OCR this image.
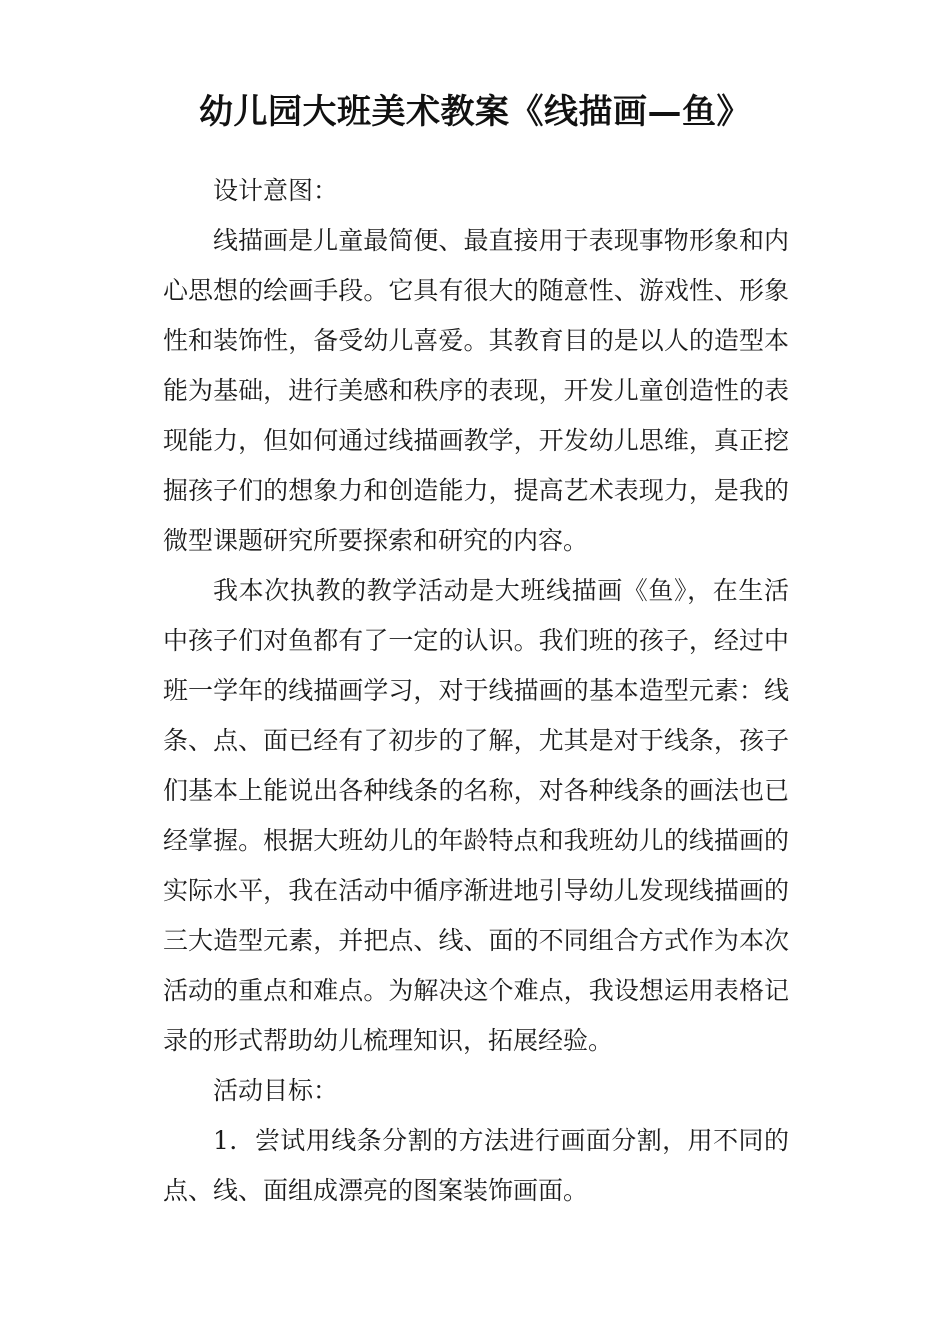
幼儿园大班美术教案《线描画—鱼》

设计意图：

线描画是儿童最简便、最直接用于表现事物形象和内心思想的绘画手段。它具有很大的随意性、游戏性、形象性和装饰性，备受幼儿喜爱。其教育目的是以人的造型本能为基础，进行美感和秩序的表现，开发儿童创造性的表现能力，但如何通过线描画教学，开发幼儿思维，真正挖掘孩子们的想象力和创造能力，提高艺术表现力，是我的微型课题研究所要探索和研究的内容。

我本次执教的教学活动是大班线描画《鱼》，在生活中孩子们对鱼都有了一定的认识。我们班的孩子，经过中班一学年的线描画学习，对于线描画的基本造型元素：线条、点、面已经有了初步的了解，尤其是对于线条，孩子们基本上能说出各种线条的名称，对各种线条的画法也已经掌握。根据大班幼儿的年龄特点和我班幼儿的线描画的实际水平，我在活动中循序渐进地引导幼儿发现线描画的三大造型元素，并把点、线、面的不同组合方式作为本次活动的重点和难点。为解决这个难点，我设想运用表格记录的形式帮助幼儿梳理知识，拓展经验。

活动目标：

1．尝试用线条分割的方法进行画面分割，用不同的点、线、面组成漂亮的图案装饰画面。
